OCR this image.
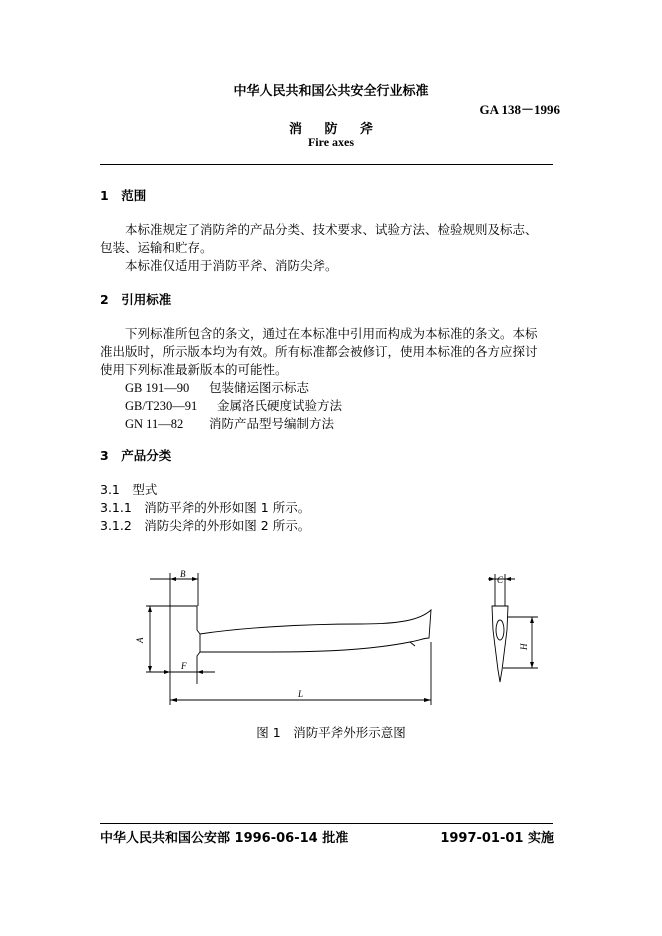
中华人民共和国公共安全行业标准
GA 138－1996
消 防 斧
Fire axes
1　范围
本标准规定了消防斧的产品分类、技术要求、试验方法、检验规则及标志、
包装、运输和贮存。
本标准仅适用于消防平斧、消防尖斧。
2　引用标准
下列标准所包含的条文，通过在本标准中引用而构成为本标准的条文。本标
准出版时，所示版本均为有效。所有标准都会被修订，使用本标准的各方应探讨
使用下列标准最新版本的可能性。
GB 191—90 包装储运图示标志
GB/T230—91 金属洛氏硬度试验方法
GN 11—82 消防产品型号编制方法
3　产品分类
3.1　型式
3.1.1　消防平斧的外形如图 1 所示。
3.1.2　消防尖斧的外形如图 2 所示。
B
A
F
L
C
H
图 1　消防平斧外形示意图
中华人民共和国公安部 1996-06-14 批准	1997-01-01 实施
